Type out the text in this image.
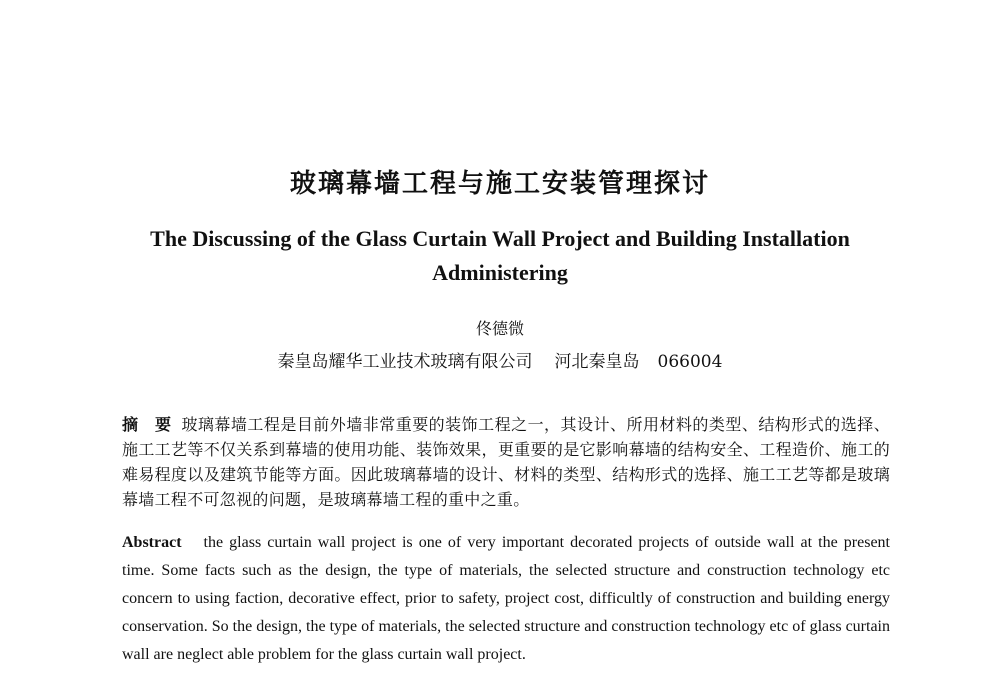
玻璃幕墙工程与施工安装管理探讨
The Discussing of the Glass Curtain Wall Project and Building Installation Administering
佟德微
秦皇岛耀华工业技术玻璃有限公司 河北秦皇岛 066004
摘　要 玻璃幕墙工程是目前外墙非常重要的装饰工程之一，其设计、所用材料的类型、结构形式的选择、施工工艺等不仅关系到幕墙的使用功能、装饰效果，更重要的是它影响幕墙的结构安全、工程造价、施工的难易程度以及建筑节能等方面。因此玻璃幕墙的设计、材料的类型、结构形式的选择、施工工艺等都是玻璃幕墙工程不可忽视的问题，是玻璃幕墙工程的重中之重。
Abstract the glass curtain wall project is one of very important decorated projects of outside wall at the present time. Some facts such as the design, the type of materials, the selected structure and construction technology etc concern to using faction, decorative effect, prior to safety, project cost, difficultly of construction and building energy conservation. So the design, the type of materials, the selected structure and construction technology etc of glass curtain wall are neglect able problem for the glass curtain wall project.
